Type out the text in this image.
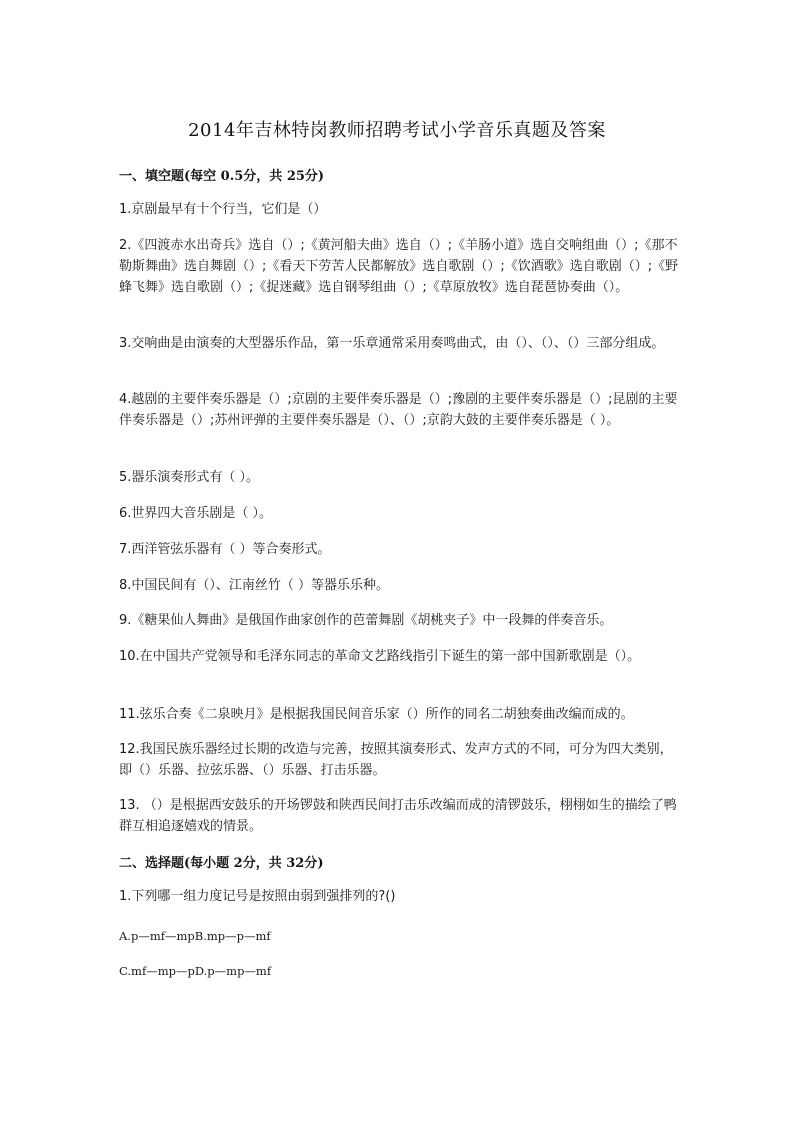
2014年吉林特岗教师招聘考试小学音乐真题及答案
一、填空题(每空 0.5分，共 25分)
1.京剧最早有十个行当，它们是（）
2.《四渡赤水出奇兵》选自（）;《黄河船夫曲》选自（）;《羊肠小道》选自交响组曲（）;《那不勒斯舞曲》选自舞剧（）;《看天下劳苦人民都解放》选自歌剧（）;《饮酒歌》选自歌剧（）;《野蜂飞舞》选自歌剧（）;《捉迷藏》选自钢琴组曲（）;《草原放牧》选自琵琶协奏曲（）。
3.交响曲是由演奏的大型器乐作品，第一乐章通常采用奏鸣曲式，由（）、（）、（）三部分组成。
4.越剧的主要伴奏乐器是（）;京剧的主要伴奏乐器是（）;豫剧的主要伴奏乐器是（）;昆剧的主要伴奏乐器是（）;苏州评弹的主要伴奏乐器是（）、（）;京韵大鼓的主要伴奏乐器是（ ）。
5.器乐演奏形式有（ ）。
6.世界四大音乐剧是（ ）。
7.西洋管弦乐器有（ ）等合奏形式。
8.中国民间有（）、江南丝竹（ ）等器乐乐种。
9.《糖果仙人舞曲》是俄国作曲家创作的芭蕾舞剧《胡桃夹子》中一段舞的伴奏音乐。
10.在中国共产党领导和毛泽东同志的革命文艺路线指引下诞生的第一部中国新歌剧是（）。
11.弦乐合奏《二泉映月》是根据我国民间音乐家（）所作的同名二胡独奏曲改编而成的。
12.我国民族乐器经过长期的改造与完善，按照其演奏形式、发声方式的不同，可分为四大类别，即（）乐器、拉弦乐器、（）乐器、打击乐器。
13. （）是根据西安鼓乐的开场锣鼓和陕西民间打击乐改编而成的清锣鼓乐，栩栩如生的描绘了鸭群互相追逐嬉戏的情景。
二、选择题(每小题 2分，共 32分)
1.下列哪一组力度记号是按照由弱到强排列的?()
A.p—mf—mpB.mp—p—mf
C.mf—mp—pD.p—mp—mf
